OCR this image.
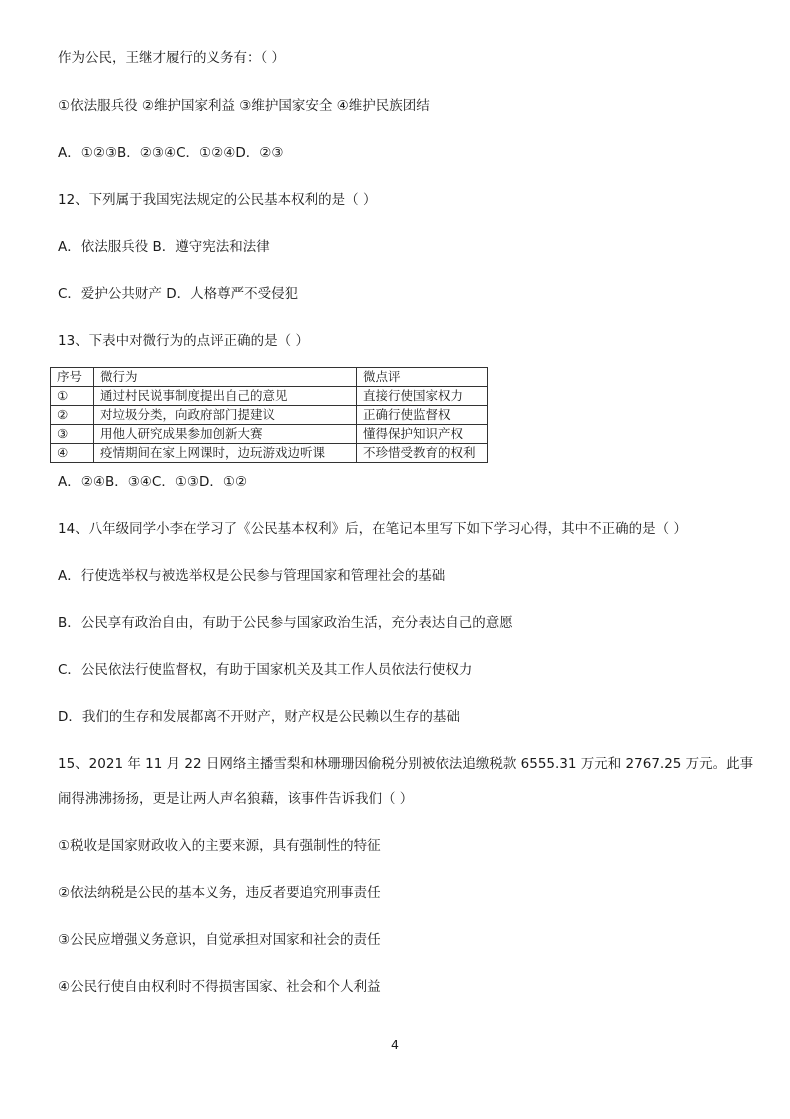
作为公民，王继才履行的义务有：（ ）
①依法服兵役 ②维护国家利益 ③维护国家安全 ④维护民族团结
A．①②③B．②③④C．①②④D．②③
12、下列属于我国宪法规定的公民基本权利的是（ ）
A．依法服兵役 B．遵守宪法和法律
C．爱护公共财产 D．人格尊严不受侵犯
13、下表中对微行为的点评正确的是（ ）
序号	微行为	微点评
①	通过村民说事制度提出自己的意见	直接行使国家权力
②	对垃圾分类，向政府部门提建议	正确行使监督权
③	用他人研究成果参加创新大赛	懂得保护知识产权
④	疫情期间在家上网课时，边玩游戏边听课	不珍惜受教育的权利
A．②④B．③④C．①③D．①②
14、八年级同学小李在学习了《公民基本权利》后，在笔记本里写下如下学习心得，其中不正确的是（ ）
A．行使选举权与被选举权是公民参与管理国家和管理社会的基础
B．公民享有政治自由，有助于公民参与国家政治生活，充分表达自己的意愿
C．公民依法行使监督权，有助于国家机关及其工作人员依法行使权力
D．我们的生存和发展都离不开财产，财产权是公民赖以生存的基础
15、2021 年 11 月 22 日网络主播雪梨和林珊珊因偷税分别被依法追缴税款 6555.31 万元和 2767.25 万元。此事
闹得沸沸扬扬，更是让两人声名狼藉，该事件告诉我们（ ）
①税收是国家财政收入的主要来源，具有强制性的特征
②依法纳税是公民的基本义务，违反者要追究刑事责任
③公民应增强义务意识，自觉承担对国家和社会的责任
④公民行使自由权利时不得损害国家、社会和个人利益
4
